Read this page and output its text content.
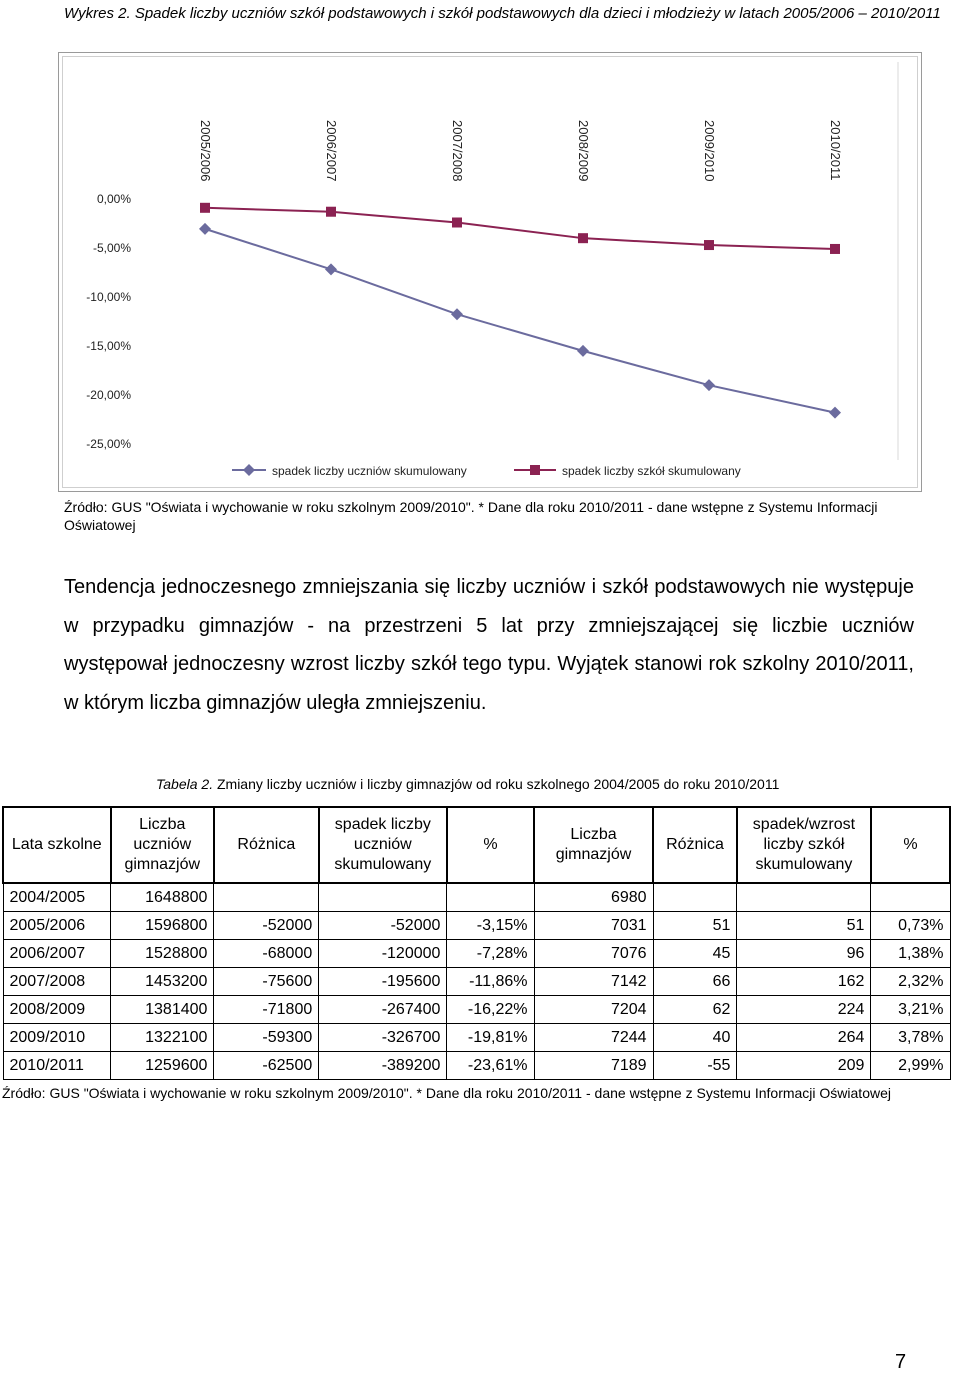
Wykres 2. Spadek liczby uczniów szkół podstawowych i szkół podstawowych dla dzieci i młodzieży w latach 2005/2006 – 2010/2011
0,00%
-5,00%
-10,00%
-15,00%
-20,00%
-25,00%
2005/2006	2006/2007	2007/2008	2008/2009	2009/2010	2010/2011
spadek liczby uczniów skumulowany	spadek liczby szkół skumulowany
Źródło: GUS "Oświata i wychowanie w roku szkolnym 2009/2010". * Dane dla roku 2010/2011 - dane wstępne z Systemu Informacji Oświatowej
Tendencja jednoczesnego zmniejszania się liczby uczniów i szkół podstawowych nie występuje w przypadku gimnazjów - na przestrzeni 5 lat przy zmniejszającej się liczbie uczniów występował jednoczesny wzrost liczby szkół tego typu. Wyjątek stanowi rok szkolny 2010/2011, w którym liczba gimnazjów uległa zmniejszeniu.
Tabela 2. Zmiany liczby uczniów i liczby gimnazjów od roku szkolnego 2004/2005 do roku 2010/2011
Lata szkolne	Liczba uczniów gimnazjów	Różnica	spadek liczby uczniów skumulowany	%	Liczba gimnazjów	Różnica	spadek/wzrost liczby szkół skumulowany	%
2004/2005	1648800				6980			
2005/2006	1596800	-52000	-52000	-3,15%	7031	51	51	0,73%
2006/2007	1528800	-68000	-120000	-7,28%	7076	45	96	1,38%
2007/2008	1453200	-75600	-195600	-11,86%	7142	66	162	2,32%
2008/2009	1381400	-71800	-267400	-16,22%	7204	62	224	3,21%
2009/2010	1322100	-59300	-326700	-19,81%	7244	40	264	3,78%
2010/2011	1259600	-62500	-389200	-23,61%	7189	-55	209	2,99%
Źródło: GUS "Oświata i wychowanie w roku szkolnym 2009/2010". * Dane dla roku 2010/2011 - dane wstępne z Systemu Informacji Oświatowej
7
